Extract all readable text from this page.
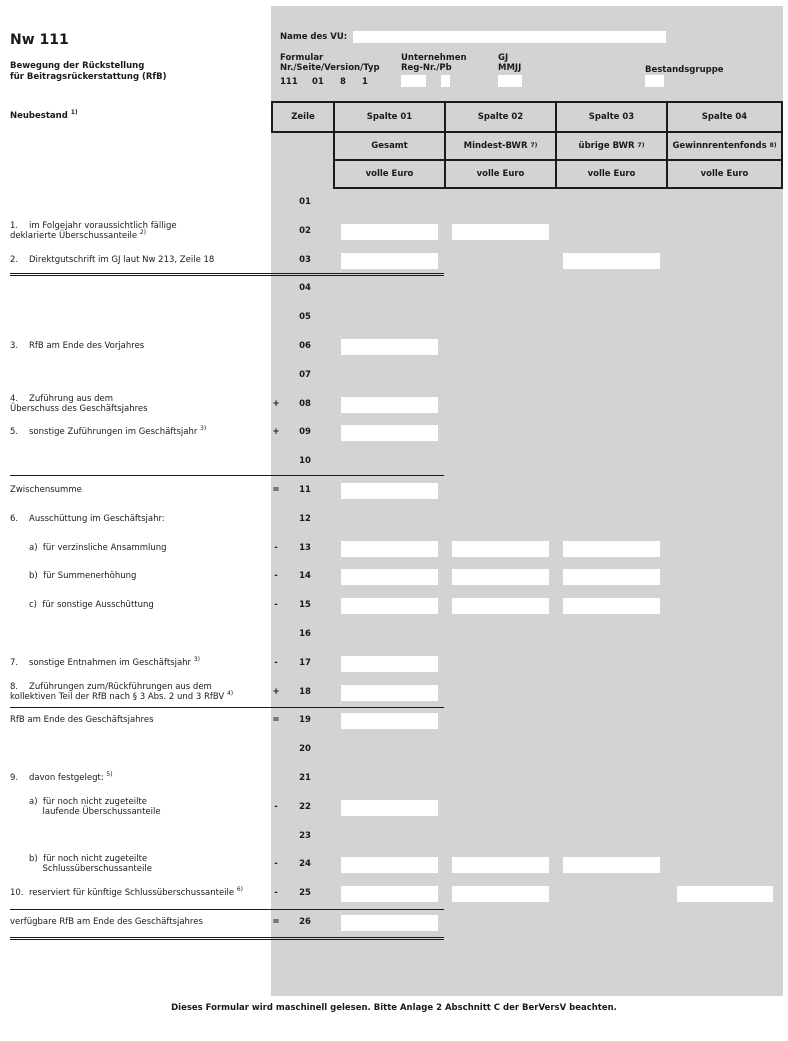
Nw 111
Bewegung der Rückstellung
für Beitragsrückerstattung (RfB)
Neubestand $^{1)}$
Name des VU:
Formular
Nr./Seite/Version/Typ
111 01 8 1
Unternehmen
Reg-Nr./Pb
GJ
MMJJ	Bestandsgruppe
Zeile	Spalte 01
Gesamt
volle Euro
Spalte 02
Mindest-BWR
7)
volle Euro
Spalte 03
übrige BWR
7)
volle Euro
Spalte 04
Gewinnrentenfonds
8)
volle Euro
01
02
1. im Folgejahr voraussichtlich fällige
deklarierte Überschussanteile $^{2)}$
03
2. Direktgutschrift im GJ laut Nw 213, Zeile 18
04
05
06
3. RfB am Ende des Vorjahres
07
08
+
4. Zuführung aus dem
Überschuss des Geschäftsjahres
09
+
5. sonstige Zuführungen im Geschäftsjahr $^{3)}$
10
11
=
Zwischensumme
12
6. Ausschüttung im Geschäftsjahr:
13
-
a)  für verzinsliche Ansammlung
14
-
b)  für Summenerhöhung
15
-
c)  für sonstige Ausschüttung
16
17
-
7. sonstige Entnahmen im Geschäftsjahr $^{3)}$
18
+
8. Zuführungen zum/Rückführungen aus dem
kollektiven Teil der RfB nach § 3 Abs. 2 und 3 RfBV $^{4)}$
19
=
RfB am Ende des Geschäftsjahres
20
21
9. davon festgelegt: $^{5)}$
22
-
a)  für noch nicht zugeteilte
laufende Überschussanteile
23
24
-
b)  für noch nicht zugeteilte
Schlussüberschussanteile
25
-
10. reserviert für künftige Schlussüberschussanteile $^{6)}$
26
=
verfügbare RfB am Ende des Geschäftsjahres
Dieses Formular wird maschinell gelesen. Bitte Anlage 2 Abschnitt C der BerVersV beachten.
